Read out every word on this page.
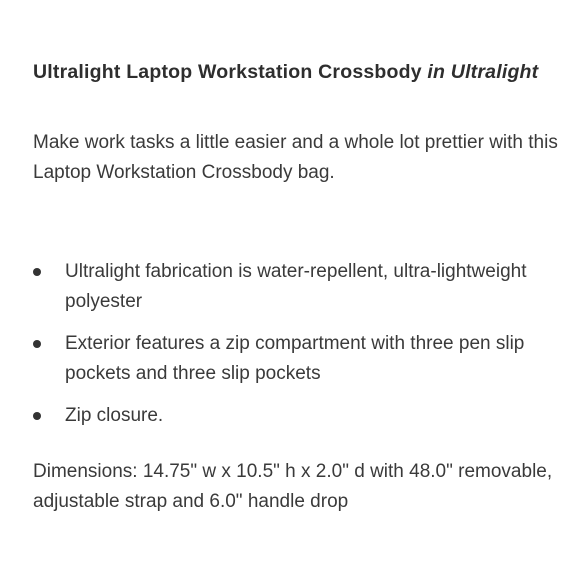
Ultralight Laptop Workstation Crossbody in Ultralight
Make work tasks a little easier and a whole lot prettier with this Laptop Workstation Crossbody bag.
Ultralight fabrication is water-repellent, ultra-lightweight polyester
Exterior features a zip compartment with three pen slip pockets and three slip pockets
Zip closure.
Dimensions: 14.75" w x 10.5" h x 2.0" d with 48.0" removable, adjustable strap and 6.0" handle drop
